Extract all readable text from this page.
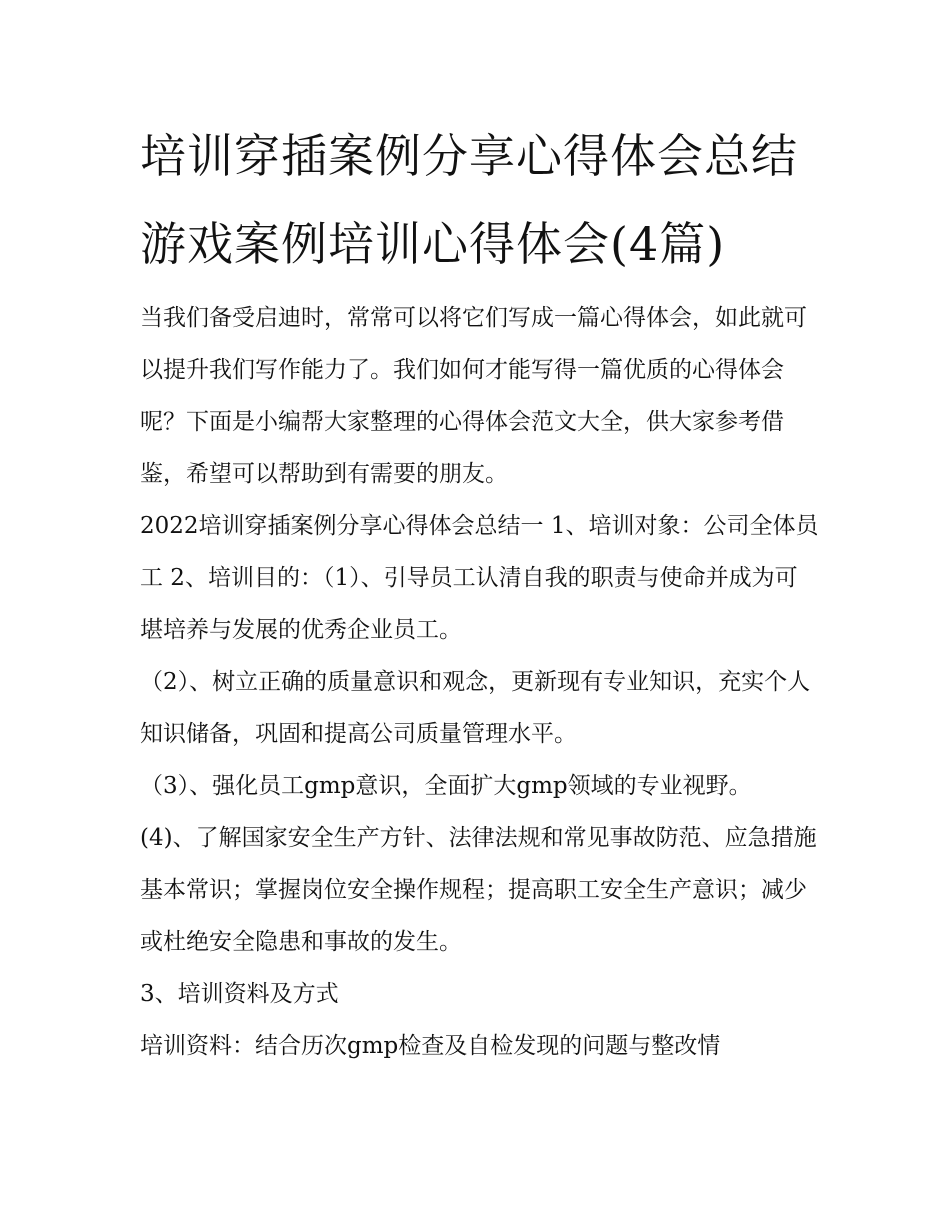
培训穿插案例分享心得体会总结 游戏案例培训心得体会(4篇)

当我们备受启迪时，常常可以将它们写成一篇心得体会，如此就可以提升我们写作能力了。我们如何才能写得一篇优质的心得体会呢？下面是小编帮大家整理的心得体会范文大全，供大家参考借鉴，希望可以帮助到有需要的朋友。

2022培训穿插案例分享心得体会总结一 1、培训对象：公司全体员工 2、培训目的：（1）、引导员工认清自我的职责与使命并成为可堪培养与发展的优秀企业员工。

（2）、树立正确的质量意识和观念，更新现有专业知识，充实个人知识储备，巩固和提高公司质量管理水平。

（3）、强化员工gmp意识，全面扩大gmp领域的专业视野。

(4)、了解国家安全生产方针、法律法规和常见事故防范、应急措施基本常识；掌握岗位安全操作规程；提高职工安全生产意识；减少或杜绝安全隐患和事故的发生。

3、培训资料及方式

培训资料：结合历次gmp检查及自检发现的问题与整改情
